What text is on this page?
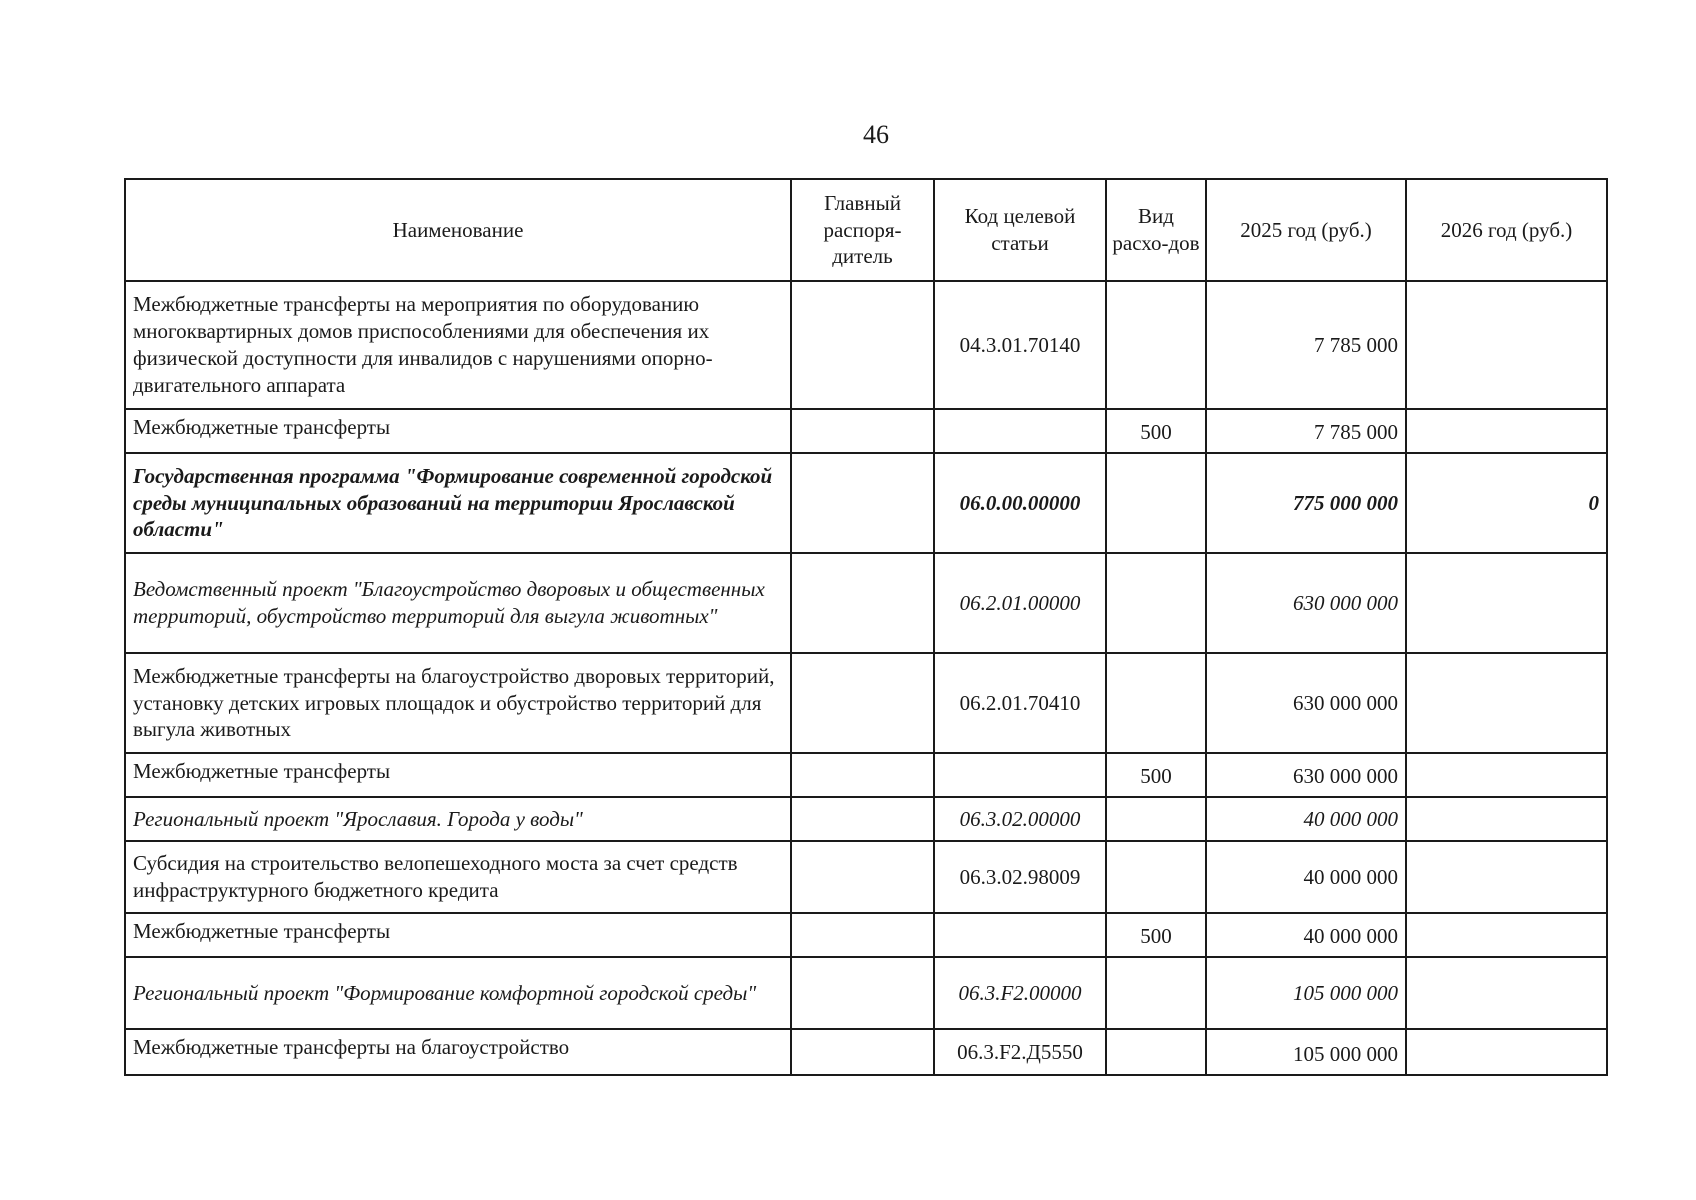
46
Наименование	Главный распоря-дитель	Код целевой статьи	Вид расхо-дов	2025 год (руб.)	2026 год (руб.)
Межбюджетные трансферты на мероприятия по оборудованию многоквартирных домов приспособлениями для обеспечения их физической доступности для инвалидов с нарушениями опорно-двигательного аппарата		04.3.01.70140		7 785 000	
Межбюджетные трансферты			500	7 785 000	
Государственная программа "Формирование современной городской среды муниципальных образований на территории Ярославской области"		06.0.00.00000		775 000 000	0
Ведомственный проект "Благоустройство дворовых и общественных территорий, обустройство территорий для выгула животных"		06.2.01.00000		630 000 000	
Межбюджетные трансферты на благоустройство дворовых территорий, установку детских игровых площадок и обустройство территорий для выгула животных		06.2.01.70410		630 000 000	
Межбюджетные трансферты			500	630 000 000	
Региональный проект "Ярославия. Города у воды"		06.3.02.00000		40 000 000	
Субсидия на строительство велопешеходного моста за счет средств инфраструктурного бюджетного кредита		06.3.02.98009		40 000 000	
Межбюджетные трансферты			500	40 000 000	
Региональный проект "Формирование комфортной городской среды"		06.3.F2.00000		105 000 000	
Межбюджетные трансферты на благоустройство		06.3.F2.Д5550		105 000 000	
